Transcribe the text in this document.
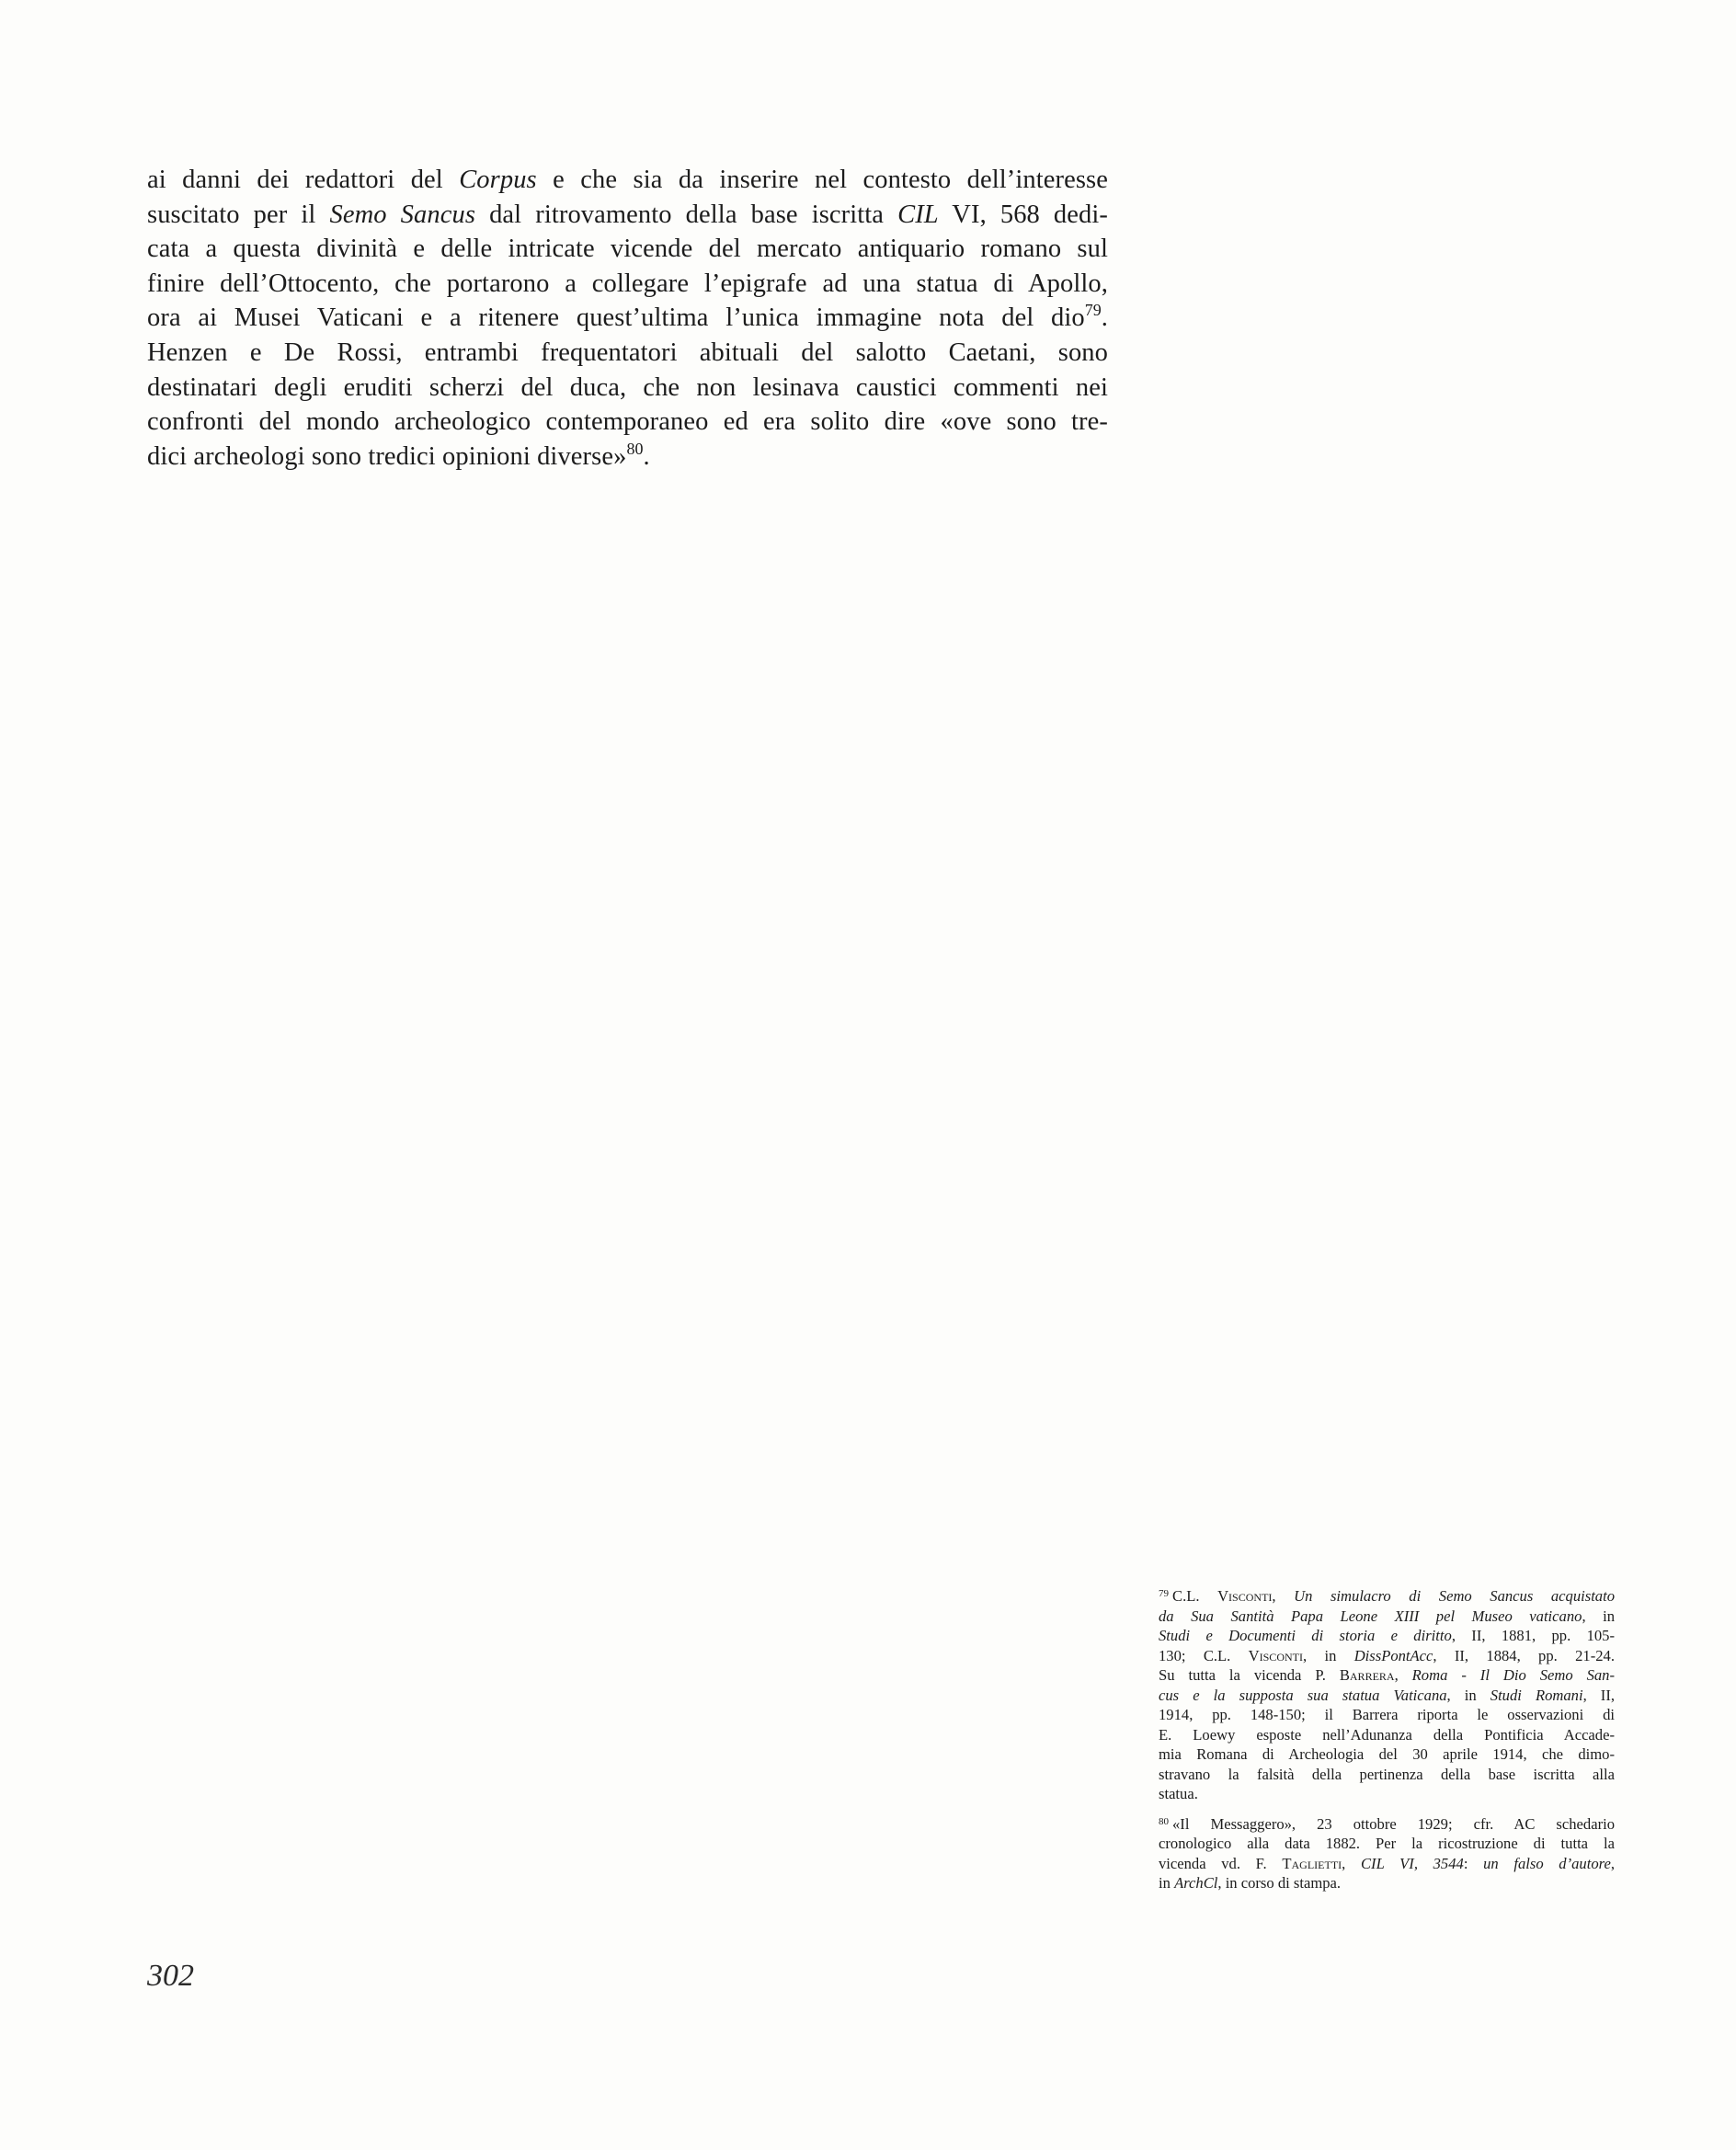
ai danni dei redattori del Corpus e che sia da inserire nel contesto dell’interesse
suscitato per il Semo Sancus dal ritrovamento della base iscritta CIL VI, 568 dedi-
cata a questa divinità e delle intricate vicende del mercato antiquario romano sul
finire dell’Ottocento, che portarono a collegare l’epigrafe ad una statua di Apollo,
ora ai Musei Vaticani e a ritenere quest’ultima l’unica immagine nota del dio$^{79}$.
Henzen e De Rossi, entrambi frequentatori abituali del salotto Caetani, sono
destinatari degli eruditi scherzi del duca, che non lesinava caustici commenti nei
confronti del mondo archeologico contemporaneo ed era solito dire «ove sono tre-
dici archeologi sono tredici opinioni diverse»$^{80}$.
$^{79}$ C.L. Visconti, Un simulacro di Semo Sancus acquistato
da Sua Santità Papa Leone XIII pel Museo vaticano, in
Studi e Documenti di storia e diritto, II, 1881, pp. 105-
130; C.L. Visconti, in DissPontAcc, II, 1884, pp. 21-24.
Su tutta la vicenda P. Barrera, Roma - Il Dio Semo San-
cus e la supposta sua statua Vaticana, in Studi Romani, II,
1914, pp. 148-150; il Barrera riporta le osservazioni di
E. Loewy esposte nell’Adunanza della Pontificia Accade-
mia Romana di Archeologia del 30 aprile 1914, che dimo-
stravano la falsità della pertinenza della base iscritta alla
statua.
$^{80}$ «Il Messaggero», 23 ottobre 1929; cfr. AC schedario
cronologico alla data 1882. Per la ricostruzione di tutta la
vicenda vd. F. Taglietti, CIL VI, 3544: un falso d’autore,
in ArchCl, in corso di stampa.
302
